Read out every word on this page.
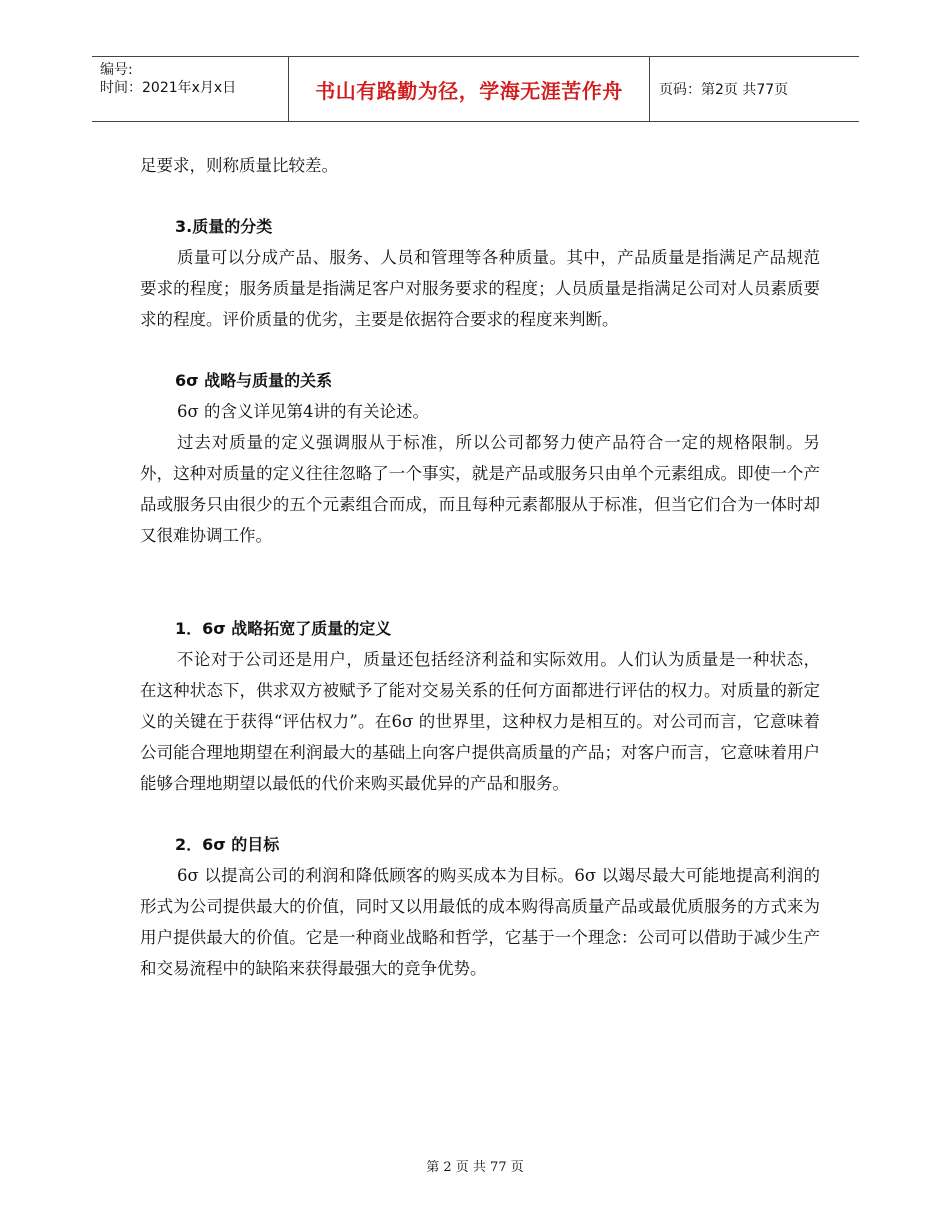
编号:
时间：2021年x月x日	书山有路勤为径，学海无涯苦作舟	页码：第2页 共77页

足要求，则称质量比较差。

3.质量的分类

质量可以分成产品、服务、人员和管理等各种质量。其中，产品质量是指满足产品规范要求的程度；服务质量是指满足客户对服务要求的程度；人员质量是指满足公司对人员素质要求的程度。评价质量的优劣，主要是依据符合要求的程度来判断。

6σ 战略与质量的关系

6σ 的含义详见第4讲的有关论述。

过去对质量的定义强调服从于标准，所以公司都努力使产品符合一定的规格限制。另外，这种对质量的定义往往忽略了一个事实，就是产品或服务只由单个元素组成。即使一个产品或服务只由很少的五个元素组合而成，而且每种元素都服从于标准，但当它们合为一体时却又很难协调工作。

1．6σ 战略拓宽了质量的定义

不论对于公司还是用户，质量还包括经济利益和实际效用。人们认为质量是一种状态，在这种状态下，供求双方被赋予了能对交易关系的任何方面都进行评估的权力。对质量的新定义的关键在于获得“评估权力”。在6σ 的世界里，这种权力是相互的。对公司而言，它意味着公司能合理地期望在利润最大的基础上向客户提供高质量的产品；对客户而言，它意味着用户能够合理地期望以最低的代价来购买最优异的产品和服务。

2．6σ 的目标

6σ 以提高公司的利润和降低顾客的购买成本为目标。6σ 以竭尽最大可能地提高利润的形式为公司提供最大的价值，同时又以用最低的成本购得高质量产品或最优质服务的方式来为用户提供最大的价值。它是一种商业战略和哲学，它基于一个理念：公司可以借助于减少生产和交易流程中的缺陷来获得最强大的竞争优势。

第 2 页 共 77 页
